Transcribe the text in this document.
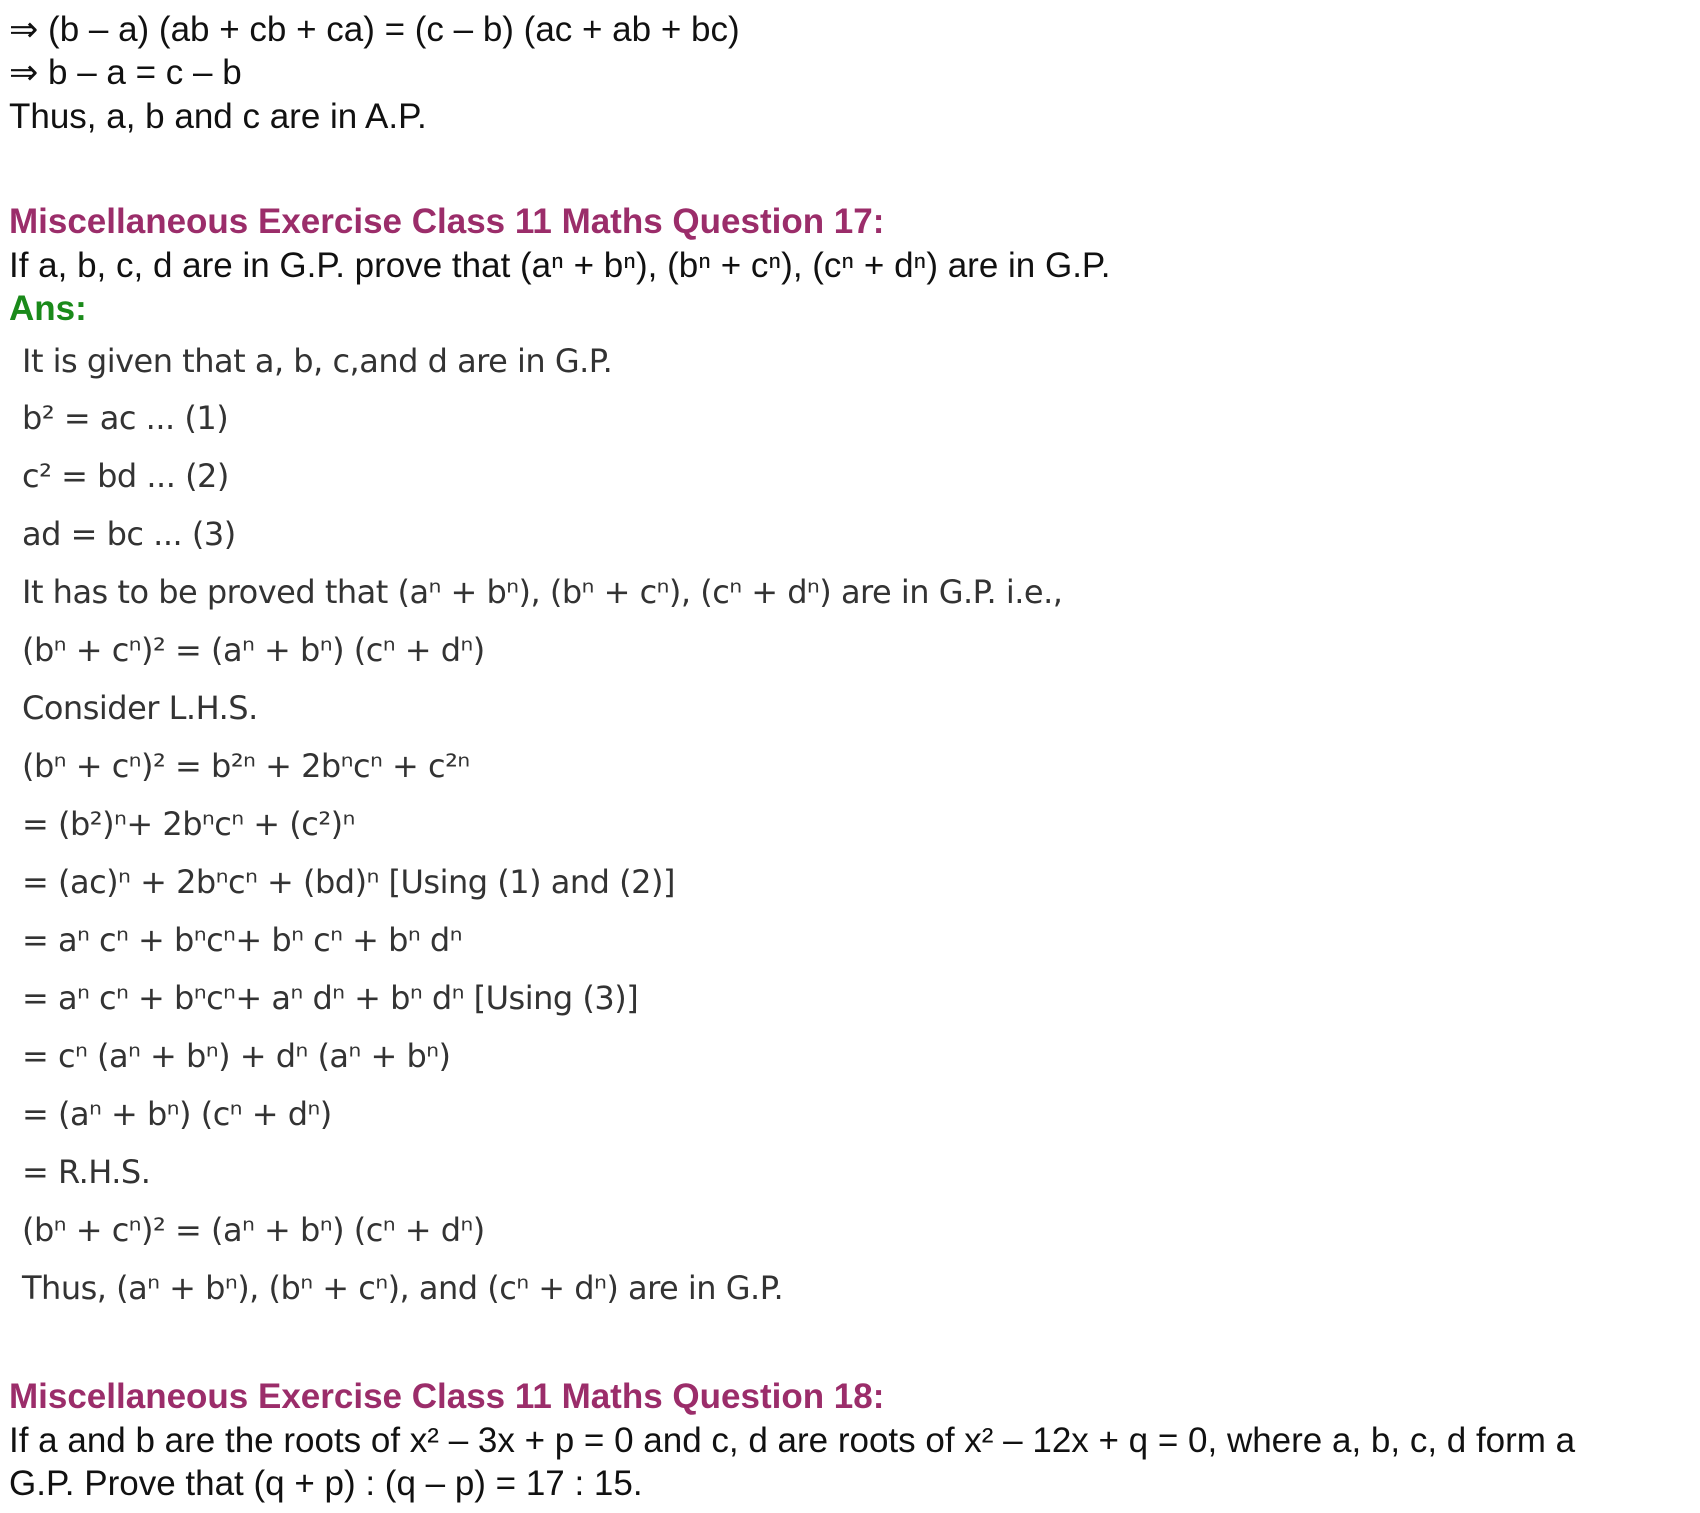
⇒ (b – a) (ab + cb + ca) = (c – b) (ac + ab + bc)
⇒ b – a = c – b
Thus, a, b and c are in A.P.
Miscellaneous Exercise Class 11 Maths Question 17:
If a, b, c, d are in G.P. prove that (aⁿ + bⁿ), (bⁿ + cⁿ), (cⁿ + dⁿ) are in G.P.
Ans:
It is given that a, b, c,and d are in G.P.
b² = ac ... (1)
c² = bd ... (2)
ad = bc ... (3)
It has to be proved that (aⁿ + bⁿ), (bⁿ + cⁿ), (cⁿ + dⁿ) are in G.P. i.e.,
(bⁿ + cⁿ)² = (aⁿ + bⁿ) (cⁿ + dⁿ)
Consider L.H.S.
(bⁿ + cⁿ)² = b²ⁿ + 2bⁿcⁿ + c²ⁿ
= (b²)ⁿ+ 2bⁿcⁿ + (c²)ⁿ
= (ac)ⁿ + 2bⁿcⁿ + (bd)ⁿ [Using (1) and (2)]
= aⁿ cⁿ + bⁿcⁿ+ bⁿ cⁿ + bⁿ dⁿ
= aⁿ cⁿ + bⁿcⁿ+ aⁿ dⁿ + bⁿ dⁿ [Using (3)]
= cⁿ (aⁿ + bⁿ) + dⁿ (aⁿ + bⁿ)
= (aⁿ + bⁿ) (cⁿ + dⁿ)
= R.H.S.
(bⁿ + cⁿ)² = (aⁿ + bⁿ) (cⁿ + dⁿ)
Thus, (aⁿ + bⁿ), (bⁿ + cⁿ), and (cⁿ + dⁿ) are in G.P.
Miscellaneous Exercise Class 11 Maths Question 18:
If a and b are the roots of x² – 3x + p = 0 and c, d are roots of x² – 12x + q = 0, where a, b, c, d form a
G.P. Prove that (q + p) : (q – p) = 17 : 15.
